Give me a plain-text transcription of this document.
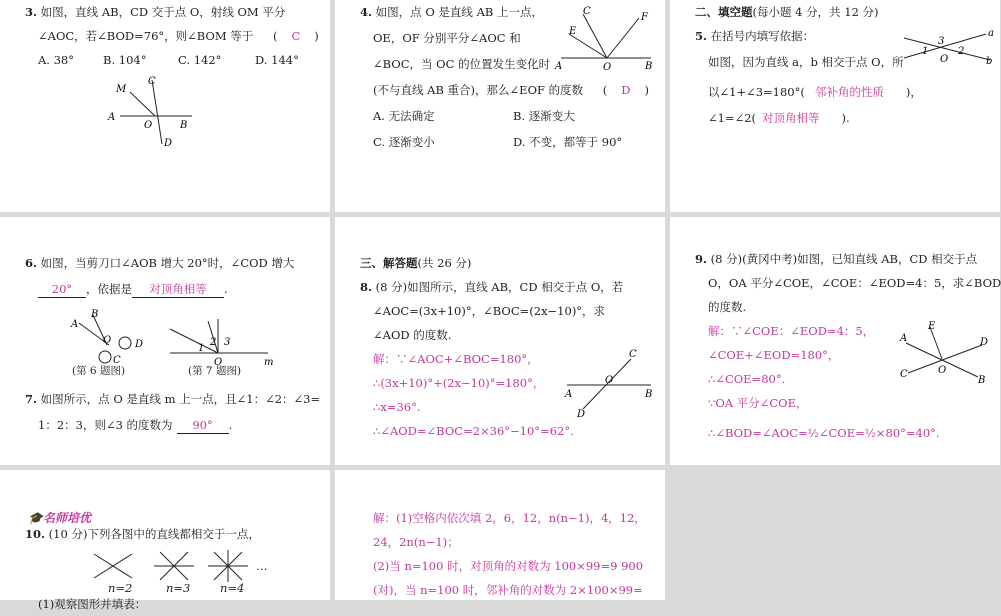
3. 如图，直线 AB，CD 交于点 O，射线 OM 平分
∠AOC，若∠BOD=76°，则∠BOM 等于 ( C )
A. 38°	B. 104°	C. 142°	D. 144°
M
C
A
O	B
D
4. 如图，点 O 是直线 AB 上一点，
OE，OF 分别平分∠AOC 和
∠BOC，当 OC 的位置发生变化时
(不与直线 AB 重合)，那么∠EOF 的度数 ( D )
A. 无法确定	B. 逐渐变大
C. 逐渐变小	D. 不变，都等于 90°
C
F
E
A	O	B
二、填空题(每小题 4 分，共 12 分)
5. 在括号内填写依据：
如图，因为直线 a，b 相交于点 O，所
以∠1+∠3=180°( 邻补角的性质 )，
∠1=∠2( 对顶角相等 ).
a
b
1	2
3
O
6. 如图，当剪刀口∠AOB 增大 20°时，∠COD 增大
20° ，依据是 对顶角相等 .
A
B
O D
C
1
2 3
O	m
(第 6 题图)	(第 7 题图)
7. 如图所示，点 O 是直线 m 上一点，且∠1：∠2：∠3=
1：2：3，则∠3 的度数为 90° .
三、解答题(共 26 分)
8. (8 分)如图所示，直线 AB，CD 相交于点 O，若
∠AOC=(3x+10)°，∠BOC=(2x−10)°，求
∠AOD 的度数.
解：∵∠AOC+∠BOC=180°，
∴(3x+10)°+(2x−10)°=180°，
∴x=36°.
∴∠AOD=∠BOC=2×36°−10°=62°.
C
A
O
B
D
9. (8 分)(黄冈中考)如图，已知直线 AB，CD 相交于点
O，OA 平分∠COE，∠COE：∠EOD=4：5，求∠BOD
的度数.
解：∵∠COE：∠EOD=4：5，
∠COE+∠EOD=180°，
∴∠COE=80°.
∵OA 平分∠COE，
∴∠BOD=∠AOC=½∠COE=½×80°=40°.
E
A	D
C	O
B
🎓名师培优
10. (10 分)下列各图中的直线都相交于一点，
…
n=2	n=3	n=4
(1)观察图形并填表：
解：(1)空格内依次填 2，6，12，n(n−1)，4，12，
24，2n(n−1)；
(2)当 n=100 时，对顶角的对数为 100×99=9 900
(对)，当 n=100 时，邻补角的对数为 2×100×99=
